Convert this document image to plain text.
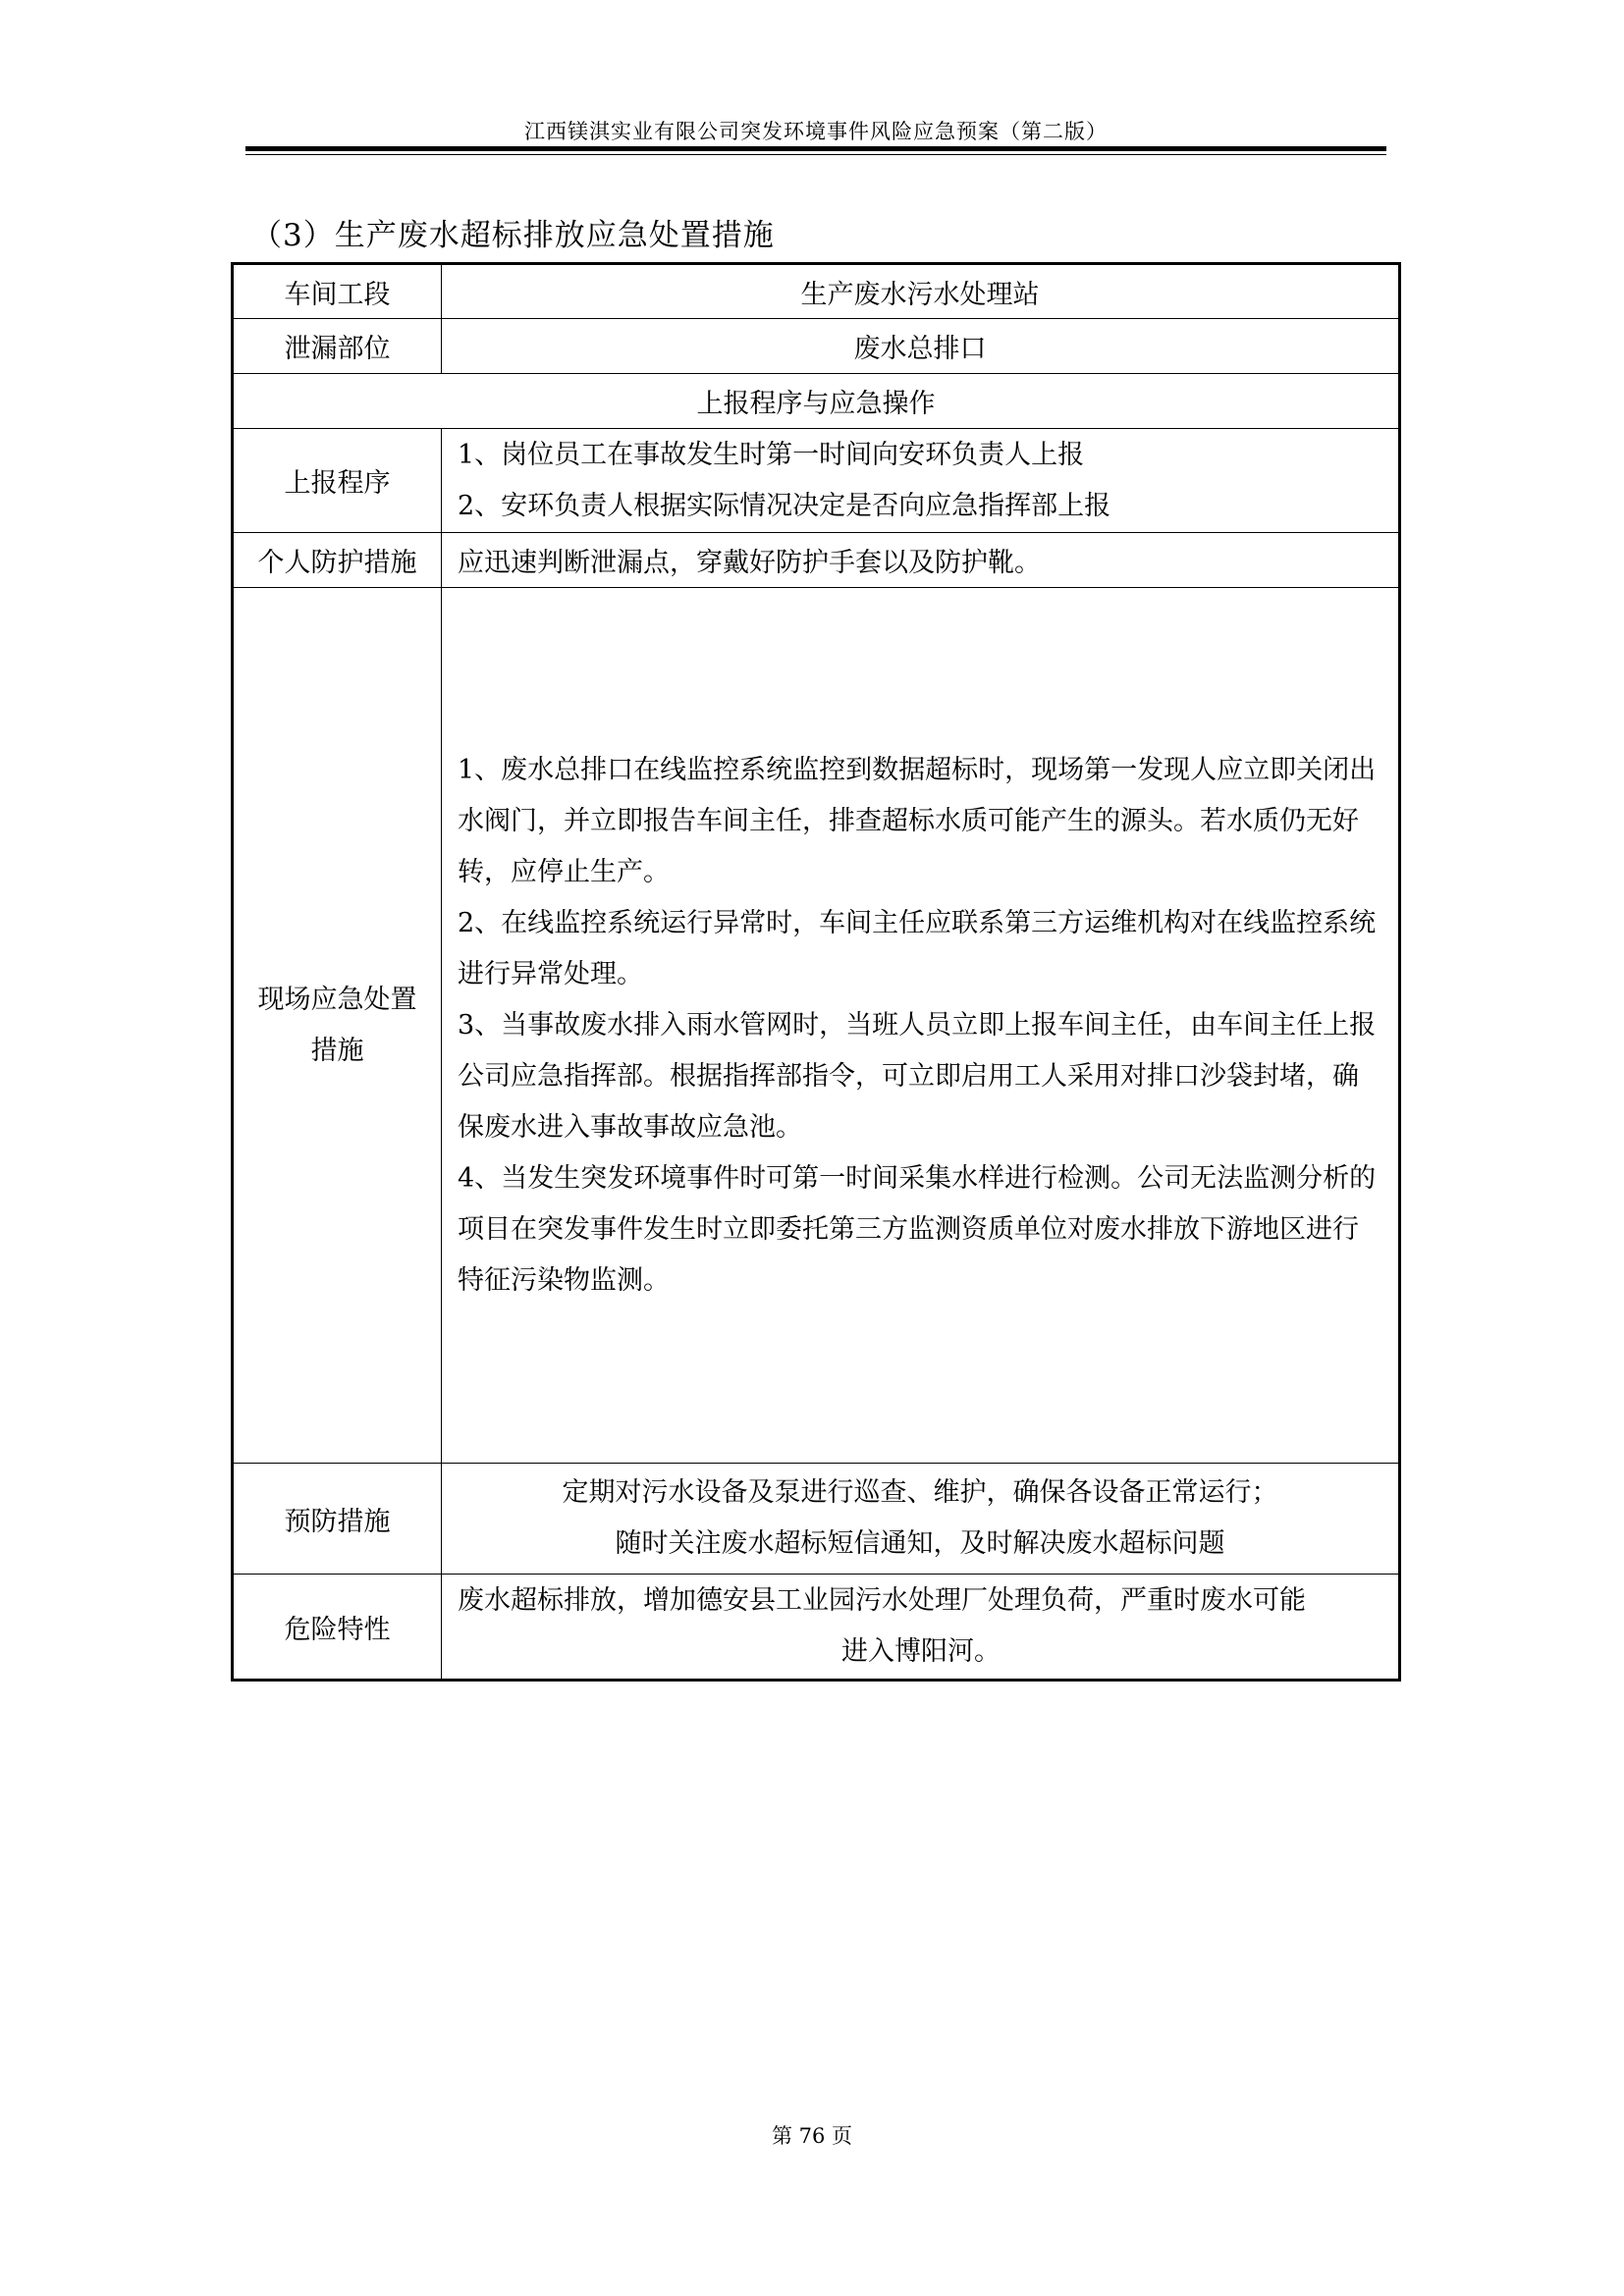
江西镁淇实业有限公司突发环境事件风险应急预案（第二版）
（3）生产废水超标排放应急处置措施
车间工段	生产废水污水处理站
泄漏部位	废水总排口
上报程序与应急操作	
上报程序	1、岗位员工在事故发生时第一时间向安环负责人上报
2、安环负责人根据实际情况决定是否向应急指挥部上报

个人防护措施	应迅速判断泄漏点，穿戴好防护手套以及防护靴。

现场应急处置
措施	1、废水总排口在线监控系统监控到数据超标时，现场第一发现人应立即关闭出水阀门，并立即报告车间主任，排查超标水质可能产生的源头。若水质仍无好转，应停止生产。
2、在线监控系统运行异常时，车间主任应联系第三方运维机构对在线监控系统进行异常处理。
3、当事故废水排入雨水管网时，当班人员立即上报车间主任，由车间主任上报公司应急指挥部。根据指挥部指令，可立即启用工人采用对排口沙袋封堵，确保废水进入事故事故应急池。
4、当发生突发环境事件时可第一时间采集水样进行检测。公司无法监测分析的项目在突发事件发生时立即委托第三方监测资质单位对废水排放下游地区进行特征污染物监测。

预防措施	定期对污水设备及泵进行巡查、维护，确保各设备正常运行；
随时关注废水超标短信通知，及时解决废水超标问题

危险特性	废水超标排放，增加德安县工业园污水处理厂处理负荷，严重时废水可能
进入博阳河。
第 76 页
